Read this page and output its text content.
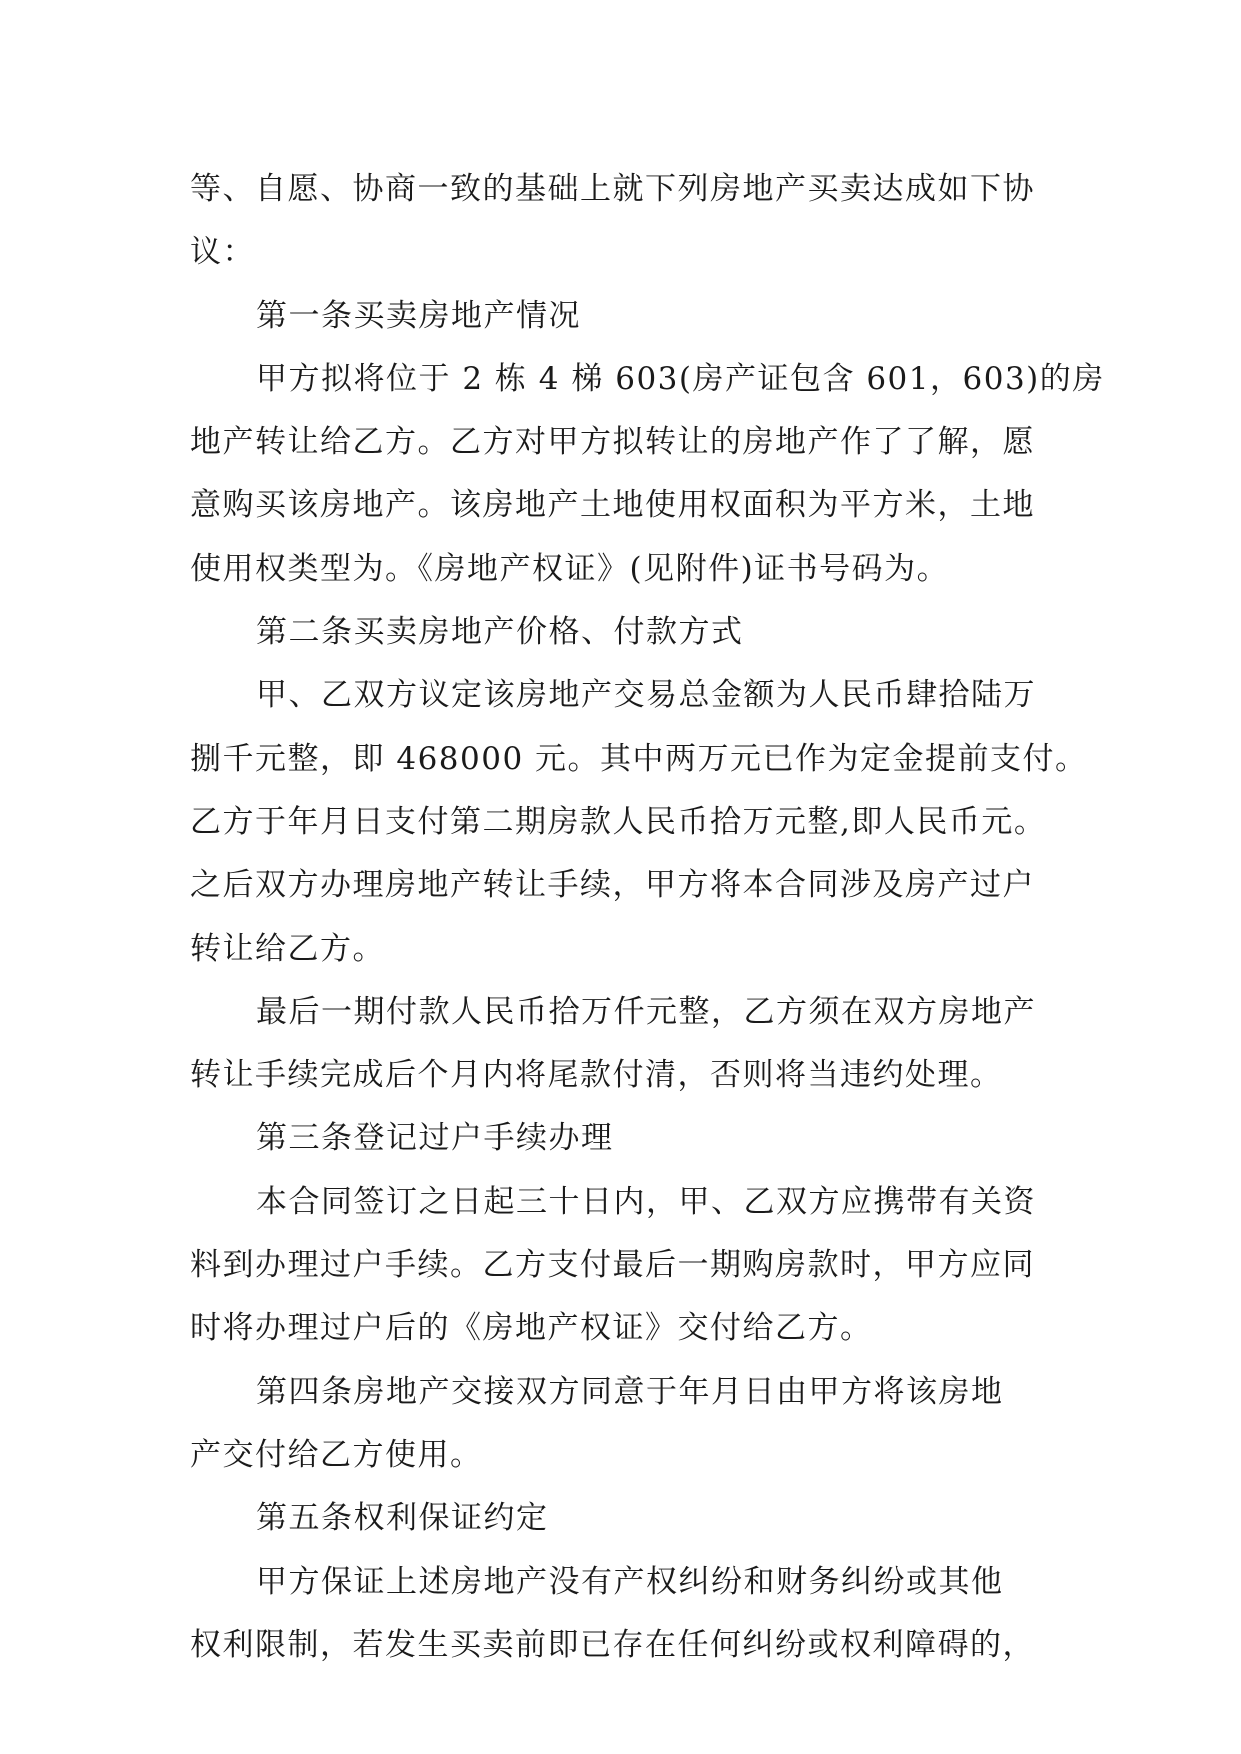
等、自愿、协商一致的基础上就下列房地产买卖达成如下协
议：
第一条买卖房地产情况
甲方拟将位于 2 栋 4 梯 603(房产证包含 601，603)的房
地产转让给乙方。乙方对甲方拟转让的房地产作了了解，愿
意购买该房地产。该房地产土地使用权面积为平方米，土地
使用权类型为。《房地产权证》(见附件)证书号码为。
第二条买卖房地产价格、付款方式
甲、乙双方议定该房地产交易总金额为人民币肆拾陆万
捌千元整，即 468000 元。其中两万元已作为定金提前支付。
乙方于年月日支付第二期房款人民币拾万元整,即人民币元。
之后双方办理房地产转让手续，甲方将本合同涉及房产过户
转让给乙方。
最后一期付款人民币拾万仟元整，乙方须在双方房地产
转让手续完成后个月内将尾款付清，否则将当违约处理。
第三条登记过户手续办理
本合同签订之日起三十日内，甲、乙双方应携带有关资
料到办理过户手续。乙方支付最后一期购房款时，甲方应同
时将办理过户后的《房地产权证》交付给乙方。
第四条房地产交接双方同意于年月日由甲方将该房地
产交付给乙方使用。
第五条权利保证约定
甲方保证上述房地产没有产权纠纷和财务纠纷或其他
权利限制，若发生买卖前即已存在任何纠纷或权利障碍的，
